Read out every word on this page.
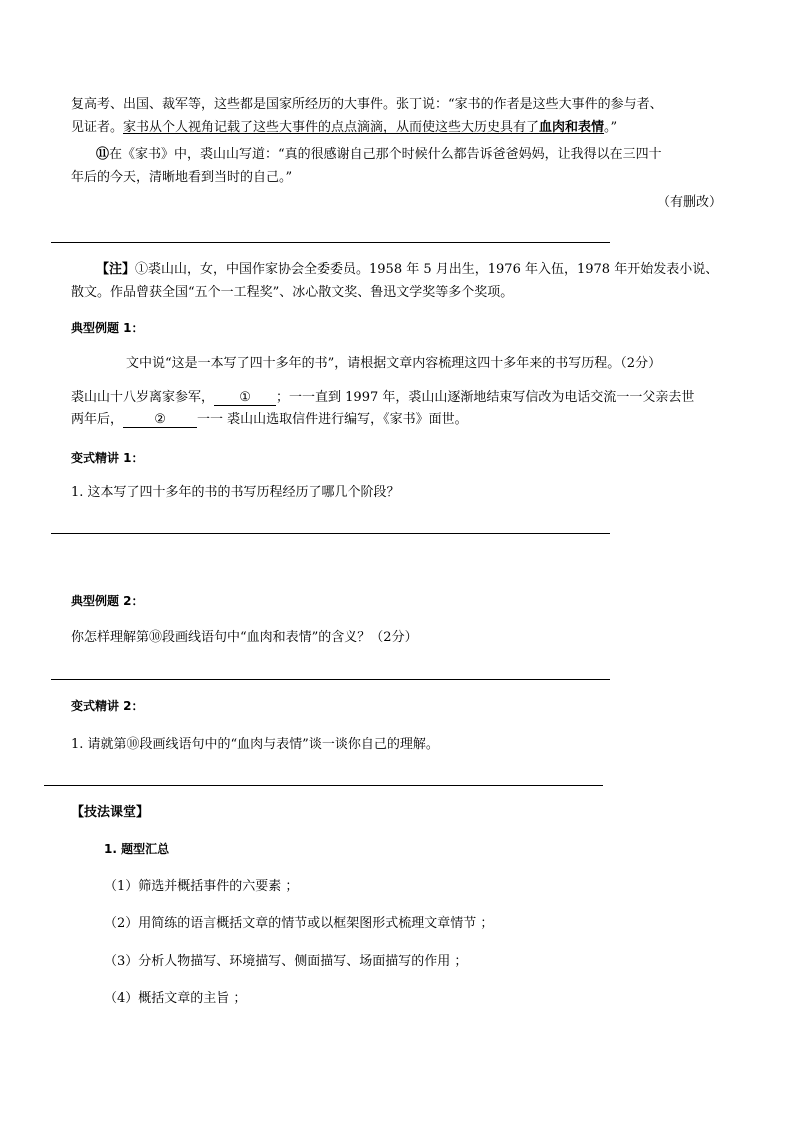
复高考、出国、裁军等，这些都是国家所经历的大事件。张丁说：“家书的作者是这些大事件的参与者、
见证者。家书从个人视角记载了这些大事件的点点滴滴，从而使这些大历史具有了血肉和表情。”
⑪在《家书》中，裘山山写道：“真的很感谢自己那个时候什么都告诉爸爸妈妈，让我得以在三四十
年后的今天，清晰地看到当时的自己。”
（有删改）
【注】①裘山山，女，中国作家协会全委委员。1958 年 5 月出生，1976 年入伍，1978 年开始发表小说、
散文。作品曾获全国“五个一工程奖”、冰心散文奖、鲁迅文学奖等多个奖项。
典型例题 1：
文中说“这是一本写了四十多年的书”，请根据文章内容梳理这四十多年来的书写历程。（2分）
裘山山十八岁离家参军， ① ；一一直到 1997 年，裘山山逐渐地结束写信改为电话交流一一父亲去世
两年后， ② 一一 裘山山选取信件进行编写，《家书》面世。
变式精讲 1：
1. 这本写了四十多年的书的书写历程经历了哪几个阶段？
典型例题 2：
你怎样理解第⑩段画线语句中“血肉和表情”的含义？（2分）
变式精讲 2：
1. 请就第⑩段画线语句中的“血肉与表情”谈一谈你自己的理解。
【技法课堂】
1. 题型汇总
（1）筛选并概括事件的六要素 ；
（2）用简练的语言概括文章的情节或以框架图形式梳理文章情节 ；
（3）分析人物描写、环境描写、侧面描写、场面描写的作用 ；
（4）概括文章的主旨 ；
